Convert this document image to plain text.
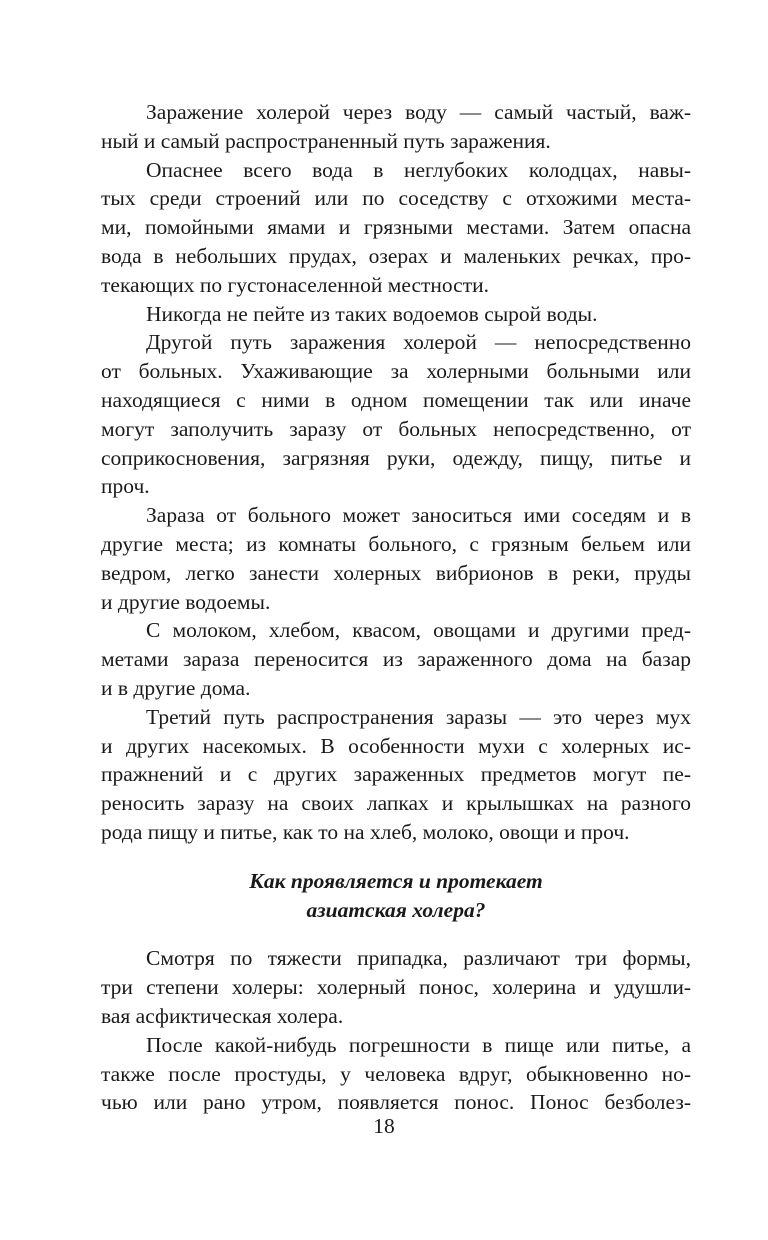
Заражение холерой через воду — самый частый, важ-
ный и самый распространенный путь заражения.
Опаснее всего вода в неглубоких колодцах, навы-
тых среди строений или по соседству с отхожими места-
ми, помойными ямами и грязными местами. Затем опасна
вода в небольших прудах, озерах и маленьких речках, про-
текающих по густонаселенной местности.
Никогда не пейте из таких водоемов сырой воды.
Другой путь заражения холерой — непосредственно
от больных. Ухаживающие за холерными больными или
находящиеся с ними в одном помещении так или иначе
могут заполучить заразу от больных непосредственно, от
соприкосновения, загрязняя руки, одежду, пищу, питье и
проч.
Зараза от больного может заноситься ими соседям и в
другие места; из комнаты больного, с грязным бельем или
ведром, легко занести холерных вибрионов в реки, пруды
и другие водоемы.
С молоком, хлебом, квасом, овощами и другими пред-
метами зараза переносится из зараженного дома на базар
и в другие дома.
Третий путь распространения заразы — это через мух
и других насекомых. В особенности мухи с холерных ис-
пражнений и с других зараженных предметов могут пе-
реносить заразу на своих лапках и крылышках на разного
рода пищу и питье, как то на хлеб, молоко, овощи и проч.
Как проявляется и протекает
азиатская холера?
Смотря по тяжести припадка, различают три формы,
три степени холеры: холерный понос, холерина и удушли-
вая асфиктическая холера.
После какой-нибудь погрешности в пище или питье, а
также после простуды, у человека вдруг, обыкновенно но-
чью или рано утром, появляется понос. Понос безболез-
18
